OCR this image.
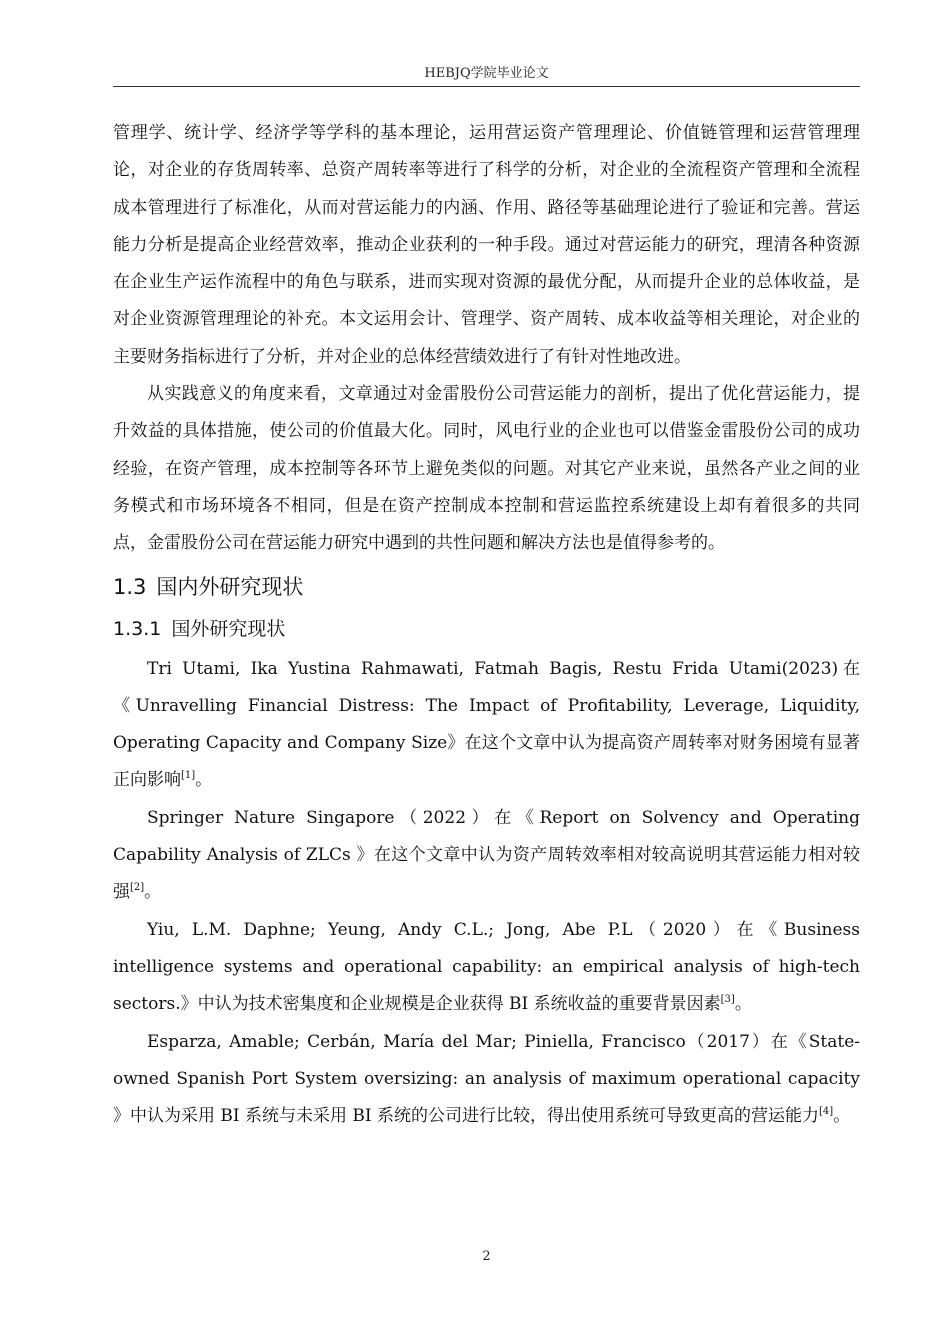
HEBJQ学院毕业论文

管理学、统计学、经济学等学科的基本理论，运用营运资产管理理论、价值链管理和运营管理理论，对企业的存货周转率、总资产周转率等进行了科学的分析，对企业的全流程资产管理和全流程成本管理进行了标准化，从而对营运能力的内涵、作用、路径等基础理论进行了验证和完善。营运能力分析是提高企业经营效率，推动企业获利的一种手段。通过对营运能力的研究，理清各种资源在企业生产运作流程中的角色与联系，进而实现对资源的最优分配，从而提升企业的总体收益，是对企业资源管理理论的补充。本文运用会计、管理学、资产周转、成本收益等相关理论，对企业的主要财务指标进行了分析，并对企业的总体经营绩效进行了有针对性地改进。

从实践意义的角度来看，文章通过对金雷股份公司营运能力的剖析，提出了优化营运能力，提升效益的具体措施，使公司的价值最大化。同时，风电行业的企业也可以借鉴金雷股份公司的成功经验，在资产管理，成本控制等各环节上避免类似的问题。对其它产业来说，虽然各产业之间的业务模式和市场环境各不相同，但是在资产控制成本控制和营运监控系统建设上却有着很多的共同点，金雷股份公司在营运能力研究中遇到的共性问题和解决方法也是值得参考的。

1.3 国内外研究现状
1.3.1 国外研究现状

Tri Utami, Ika Yustina Rahmawati, Fatmah Bagis, Restu Frida Utami(2023)在《Unravelling Financial Distress: The Impact of Profitability, Leverage, Liquidity, Operating Capacity and Company Size》在这个文章中认为提高资产周转率对财务困境有显著正向影响[1]。

Springer Nature Singapore（2022）在《Report on Solvency and Operating Capability Analysis of ZLCs 》在这个文章中认为资产周转效率相对较高说明其营运能力相对较强[2]。

Yiu, L.M. Daphne; Yeung, Andy C.L.; Jong, Abe P.L（2020）在《Business intelligence systems and operational capability: an empirical analysis of high-tech sectors.》中认为技术密集度和企业规模是企业获得 BI 系统收益的重要背景因素[3]。

Esparza, Amable; Cerbán, María del Mar; Piniella, Francisco（2017）在《State-owned Spanish Port System oversizing: an analysis of maximum operational capacity 》中认为采用 BI 系统与未采用 BI 系统的公司进行比较，得出使用系统可导致更高的营运能力[4]。

2
